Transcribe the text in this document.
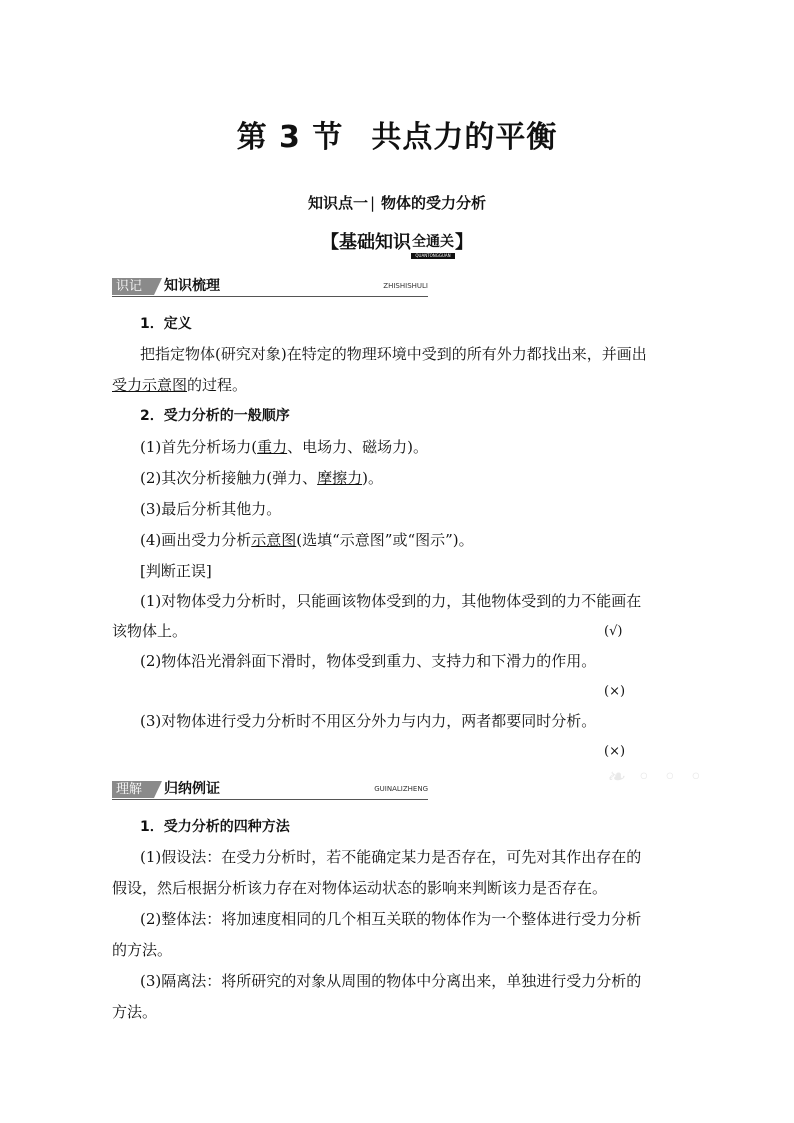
第 3 节 共点力的平衡
知识点一 | 物体的受力分析
【基础知识全通关
QUANTONGGUAN
】
识记	知识梳理	ZHISHISHULI
1．定义
把指定物体(研究对象)在特定的物理环境中受到的所有外力都找出来，并画出
受力示意图的过程。
2．受力分析的一般顺序
(1)首先分析场力(重力、电场力、磁场力)。
(2)其次分析接触力(弹力、摩擦力)。
(3)最后分析其他力。
(4)画出受力分析示意图(选填“示意图”或“图示”)。
[判断正误]
(1)对物体受力分析时，只能画该物体受到的力，其他物体受到的力不能画在
该物体上。	(√)
(2)物体沿光滑斜面下滑时，物体受到重力、支持力和下滑力的作用。
(×)
(3)对物体进行受力分析时不用区分外力与内力，两者都要同时分析。
(×)
❧ ◦ ◦ ◦
理解	归纳例证	GUINALIZHENG
1．受力分析的四种方法
(1)假设法：在受力分析时，若不能确定某力是否存在，可先对其作出存在的
假设，然后根据分析该力存在对物体运动状态的影响来判断该力是否存在。
(2)整体法：将加速度相同的几个相互关联的物体作为一个整体进行受力分析
的方法。
(3)隔离法：将所研究的对象从周围的物体中分离出来，单独进行受力分析的
方法。
